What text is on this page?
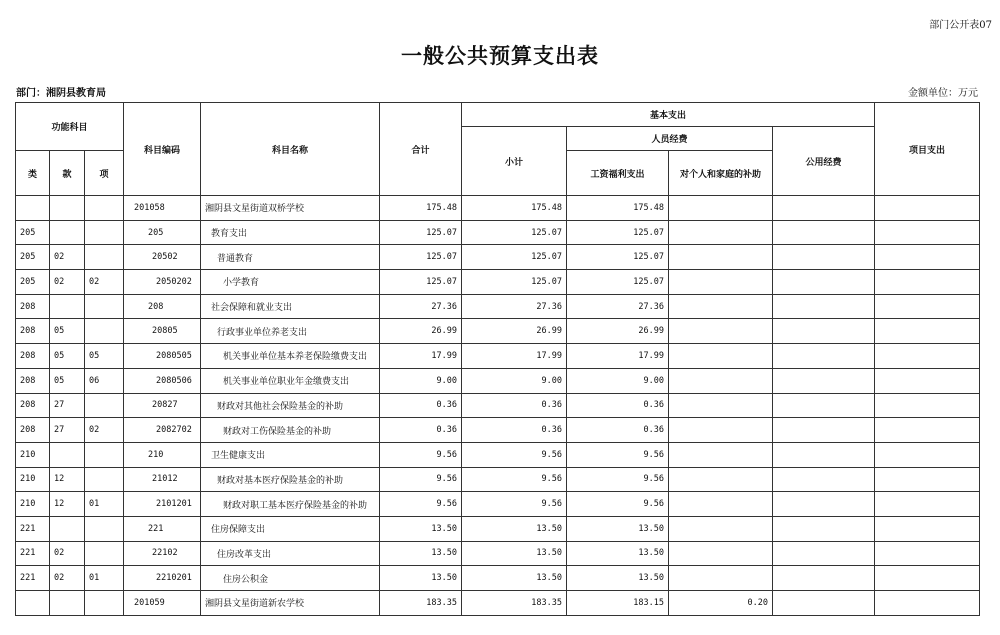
部门公开表07
一般公共预算支出表
部门：湘阴县教育局	金额单位：万元
功能科目			科目编码	科目名称	合计	基本支出				项目支出
						小计	人员经费		公用经费	
类	款	项					工资福利支出	对个人和家庭的补助		
			201058	湘阴县文星街道双桥学校	175.48	175.48	175.48			
205			205	教育支出	125.07	125.07	125.07			
205	02		20502	普通教育	125.07	125.07	125.07			
205	02	02	2050202	小学教育	125.07	125.07	125.07			
208			208	社会保障和就业支出	27.36	27.36	27.36			
208	05		20805	行政事业单位养老支出	26.99	26.99	26.99			
208	05	05	2080505	机关事业单位基本养老保险缴费支出	17.99	17.99	17.99			
208	05	06	2080506	机关事业单位职业年金缴费支出	9.00	9.00	9.00			
208	27		20827	财政对其他社会保险基金的补助	0.36	0.36	0.36			
208	27	02	2082702	财政对工伤保险基金的补助	0.36	0.36	0.36			
210			210	卫生健康支出	9.56	9.56	9.56			
210	12		21012	财政对基本医疗保险基金的补助	9.56	9.56	9.56			
210	12	01	2101201	财政对职工基本医疗保险基金的补助	9.56	9.56	9.56			
221			221	住房保障支出	13.50	13.50	13.50			
221	02		22102	住房改革支出	13.50	13.50	13.50			
221	02	01	2210201	住房公积金	13.50	13.50	13.50			
			201059	湘阴县文星街道新农学校	183.35	183.35	183.15	0.20		
